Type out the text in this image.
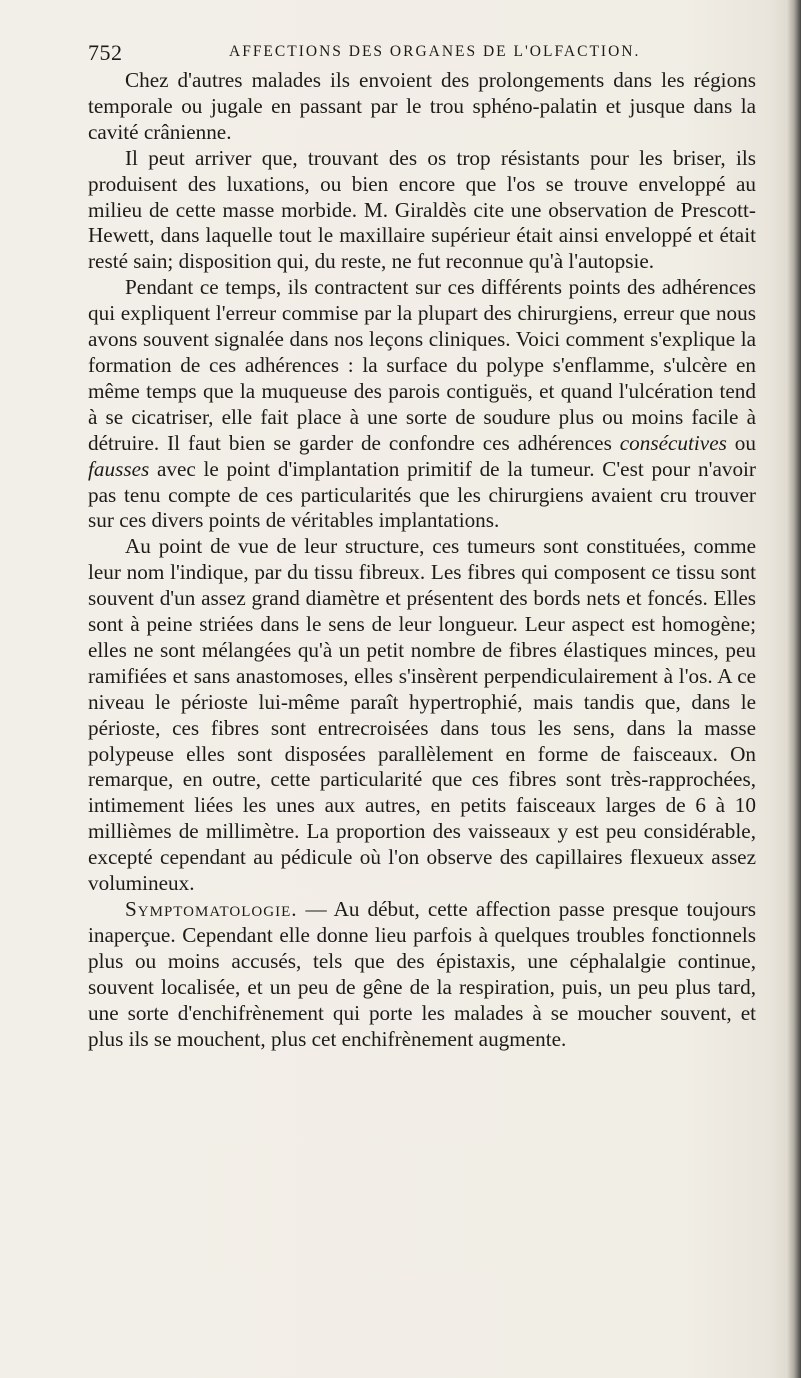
752	AFFECTIONS DES ORGANES DE L'OLFACTION.

Chez d'autres malades ils envoient des prolongements dans les régions temporale ou jugale en passant par le trou sphéno-palatin et jusque dans la cavité crânienne.

Il peut arriver que, trouvant des os trop résistants pour les briser, ils produisent des luxations, ou bien encore que l'os se trouve enveloppé au milieu de cette masse morbide. M. Giraldès cite une observation de Prescott-Hewett, dans laquelle tout le maxillaire supérieur était ainsi enveloppé et était resté sain; disposition qui, du reste, ne fut reconnue qu'à l'autopsie.

Pendant ce temps, ils contractent sur ces différents points des adhérences qui expliquent l'erreur commise par la plupart des chirurgiens, erreur que nous avons souvent signalée dans nos leçons cliniques. Voici comment s'explique la formation de ces adhérences : la surface du polype s'enflamme, s'ulcère en même temps que la muqueuse des parois contiguës, et quand l'ulcération tend à se cicatriser, elle fait place à une sorte de soudure plus ou moins facile à détruire. Il faut bien se garder de confondre ces adhérences consécutives ou fausses avec le point d'implantation primitif de la tumeur. C'est pour n'avoir pas tenu compte de ces particularités que les chirurgiens avaient cru trouver sur ces divers points de véritables implantations.

Au point de vue de leur structure, ces tumeurs sont constituées, comme leur nom l'indique, par du tissu fibreux. Les fibres qui composent ce tissu sont souvent d'un assez grand diamètre et présentent des bords nets et foncés. Elles sont à peine striées dans le sens de leur longueur. Leur aspect est homogène; elles ne sont mélangées qu'à un petit nombre de fibres élastiques minces, peu ramifiées et sans anastomoses, elles s'insèrent perpendiculairement à l'os. A ce niveau le périoste lui-même paraît hypertrophié, mais tandis que, dans le périoste, ces fibres sont entrecroisées dans tous les sens, dans la masse polypeuse elles sont disposées parallèlement en forme de faisceaux. On remarque, en outre, cette particularité que ces fibres sont très-rapprochées, intimement liées les unes aux autres, en petits faisceaux larges de 6 à 10 millièmes de millimètre. La proportion des vaisseaux y est peu considérable, excepté cependant au pédicule où l'on observe des capillaires flexueux assez volumineux.

Symptomatologie. — Au début, cette affection passe presque toujours inaperçue. Cependant elle donne lieu parfois à quelques troubles fonctionnels plus ou moins accusés, tels que des épistaxis, une céphalalgie continue, souvent localisée, et un peu de gêne de la respiration, puis, un peu plus tard, une sorte d'enchifrènement qui porte les malades à se moucher souvent, et plus ils se mouchent, plus cet enchifrènement augmente.
